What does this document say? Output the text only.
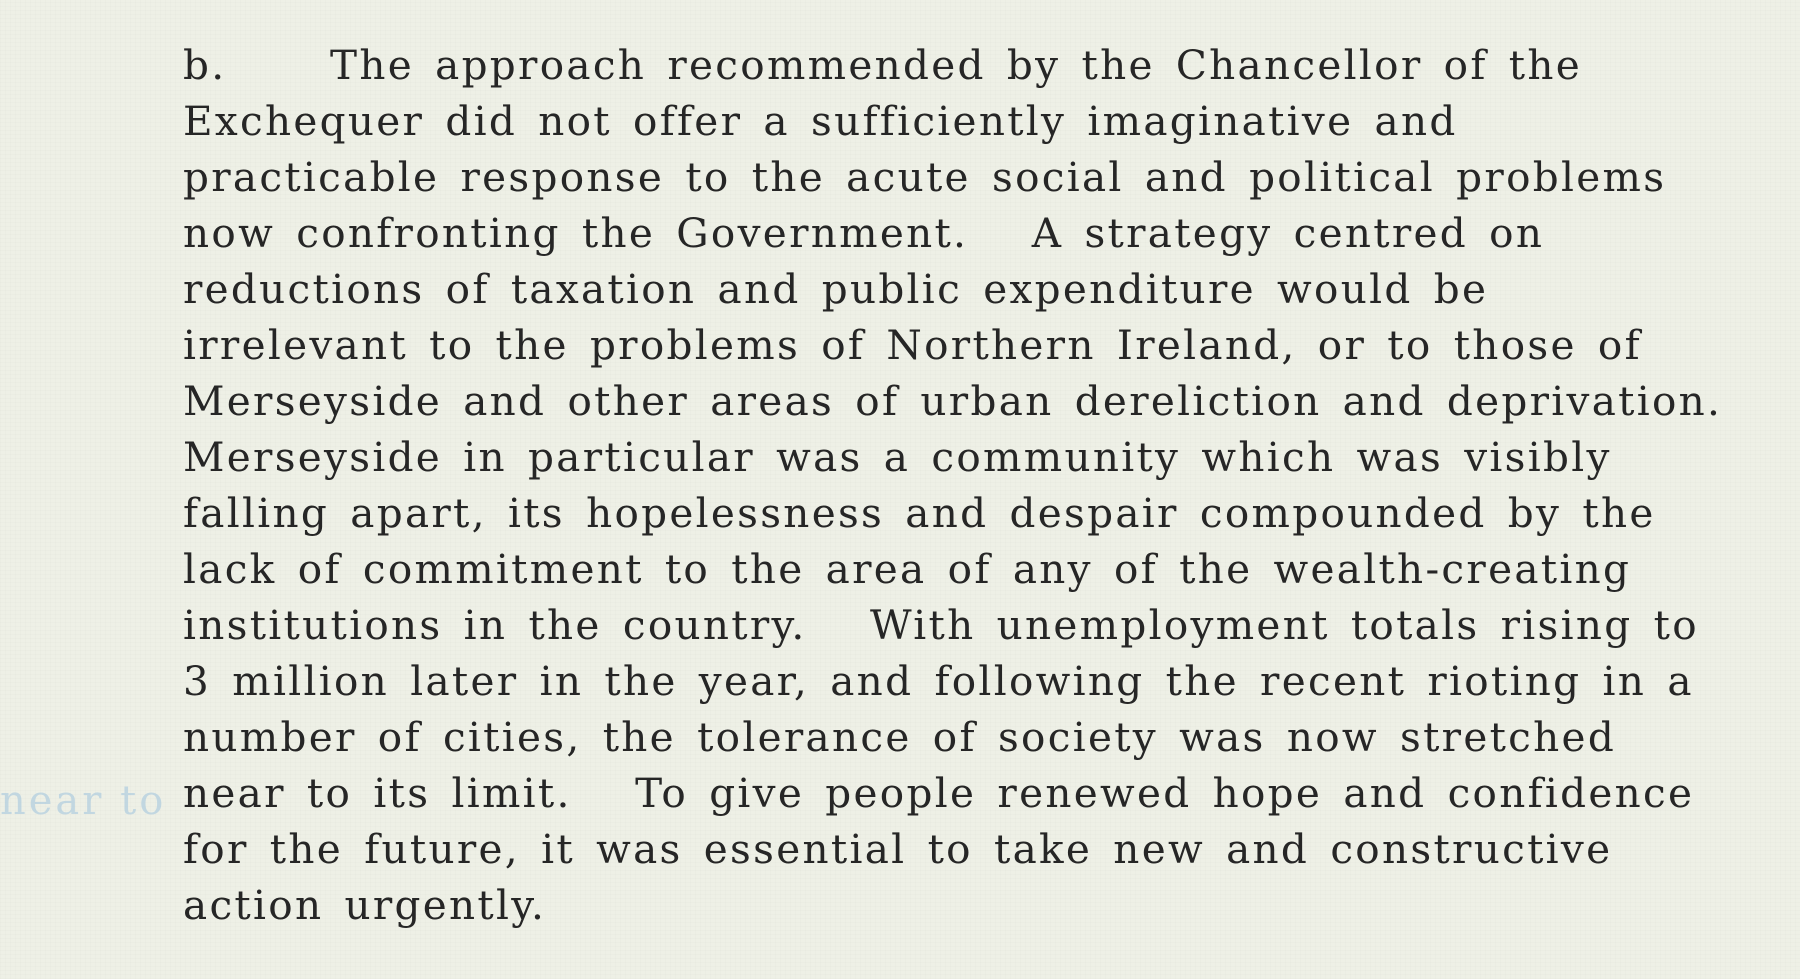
near to
b.	The approach recommended by the Chancellor of the
Exchequer did not offer a sufficiently imaginative and
practicable response to the acute social and political problems
now confronting the Government.   A strategy centred on
reductions of taxation and public expenditure would be
irrelevant to the problems of Northern Ireland, or to those of
Merseyside and other areas of urban dereliction and deprivation.
Merseyside in particular was a community which was visibly
falling apart, its hopelessness and despair compounded by the
lack of commitment to the area of any of the wealth-creating
institutions in the country.   With unemployment totals rising to
3 million later in the year, and following the recent rioting in a
number of cities, the tolerance of society was now stretched
near to its limit.   To give people renewed hope and confidence
for the future, it was essential to take new and constructive
action urgently.
